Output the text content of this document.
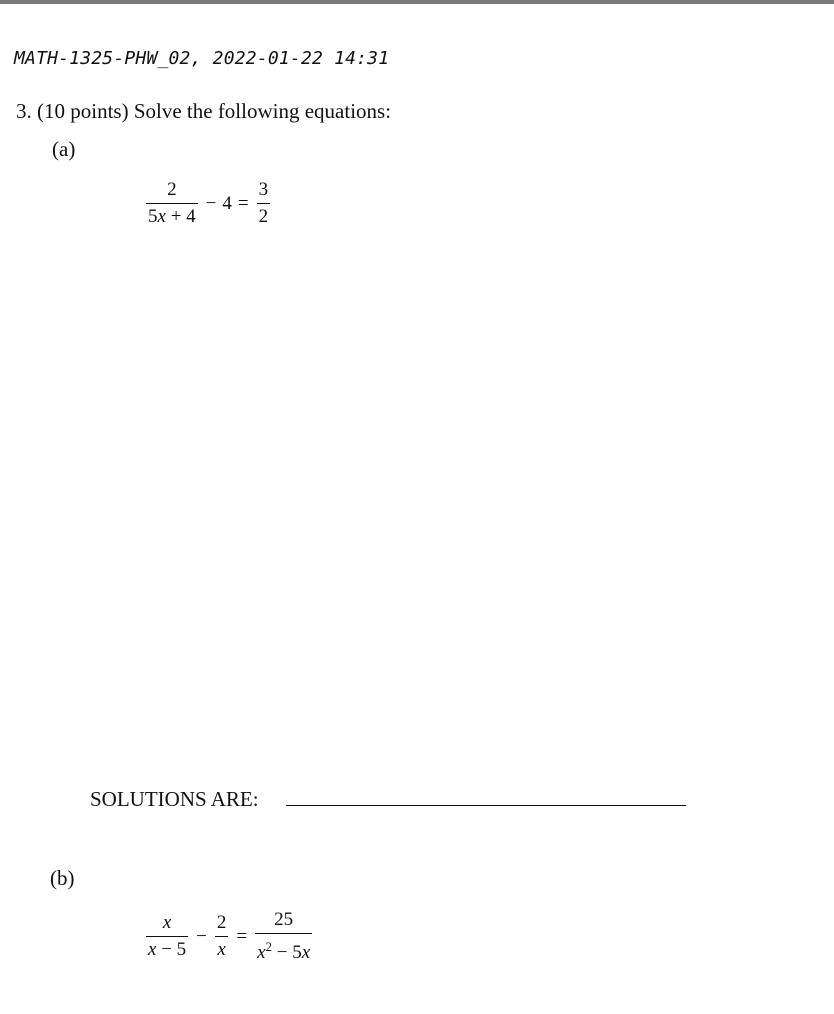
MATH-1325-PHW_02, 2022-01-22 14:31
3. (10 points) Solve the following equations:
(a)
$\frac{2}{5x + 4} - 4 = \frac{3}{2}$
SOLUTIONS ARE:
(b)
$\frac{x}{x - 5} - \frac{2}{x} = \frac{25}{x^2 - 5x}$
